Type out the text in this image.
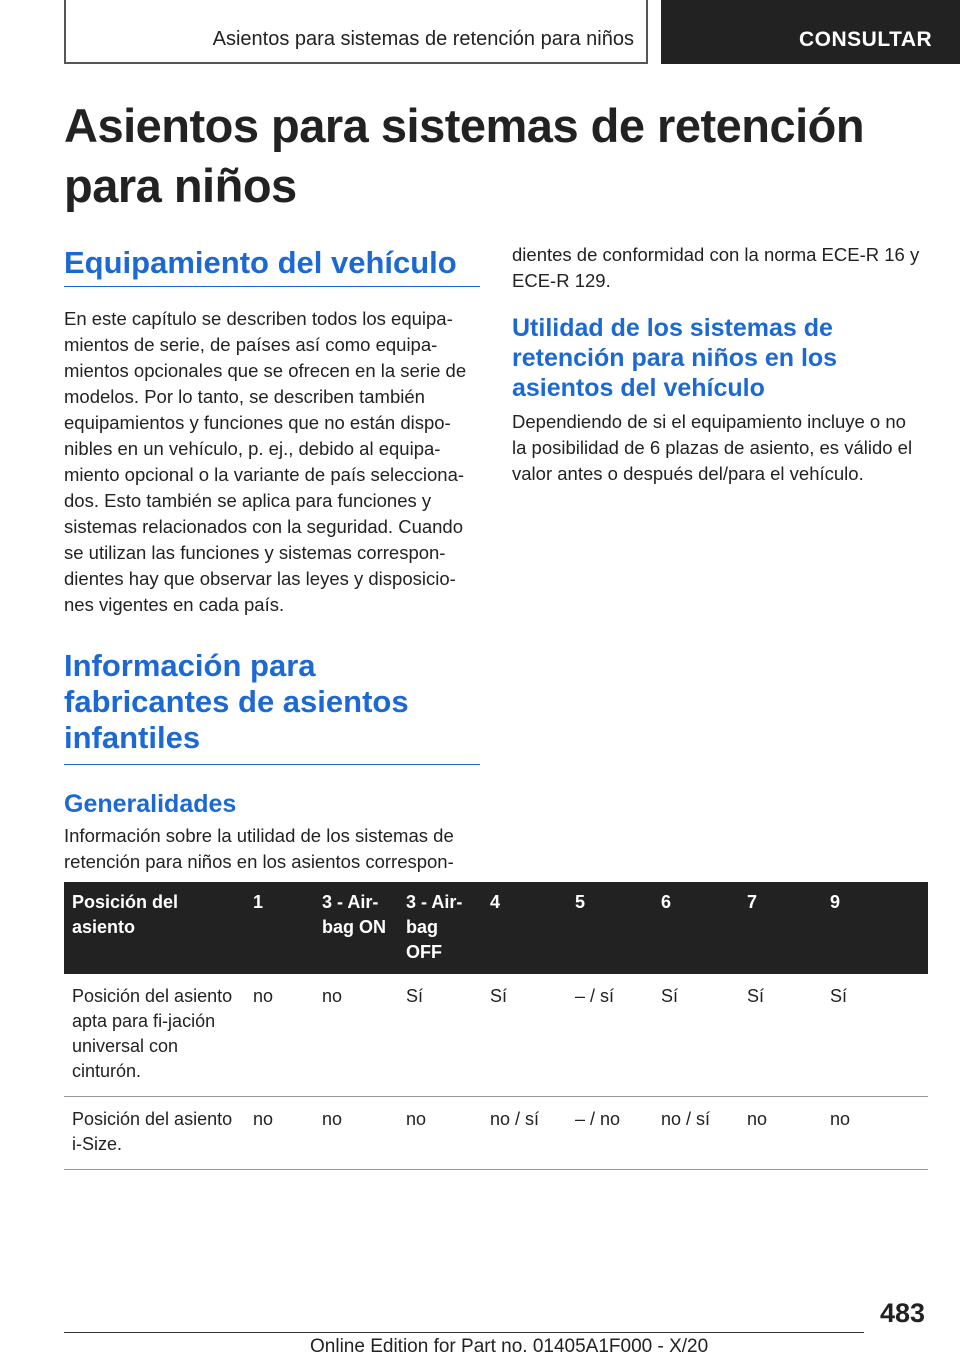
Asientos para sistemas de retención para niños	CONSULTAR
Asientos para sistemas de retención para niños
Equipamiento del vehículo

En este capítulo se describen todos los equipa-mientos de serie, de países así como equipa-mientos opcionales que se ofrecen en la serie de modelos. Por lo tanto, se describen también equipamientos y funciones que no están dispo-nibles en un vehículo, p. ej., debido al equipa-miento opcional o la variante de país selecciona-dos. Esto también se aplica para funciones y sistemas relacionados con la seguridad. Cuando se utilizan las funciones y sistemas correspon-dientes hay que observar las leyes y disposicio-nes vigentes en cada país.

Información para fabricantes de asientos infantiles
Generalidades

Información sobre la utilidad de los sistemas de retención para niños en los asientos correspon-

dientes de conformidad con la norma ECE-R 16 y ECE-R 129.

Utilidad de los sistemas de retención para niños en los asientos del vehículo

Dependiendo de si el equipamiento incluye o no la posibilidad de 6 plazas de asiento, es válido el valor antes o después del/para el vehículo.

Posición del asiento	1	3 - Air-bag ON	3 - Air-bag OFF	4	5	6	7	9
Posición del asiento apta para fi-jación universal con cinturón.	no	no	Sí	Sí	– / sí	Sí	Sí	Sí
Posición del asiento i-Size.	no	no	no	no / sí	– / no	no / sí	no	no
483
Online Edition for Part no. 01405A1F000 - X/20
